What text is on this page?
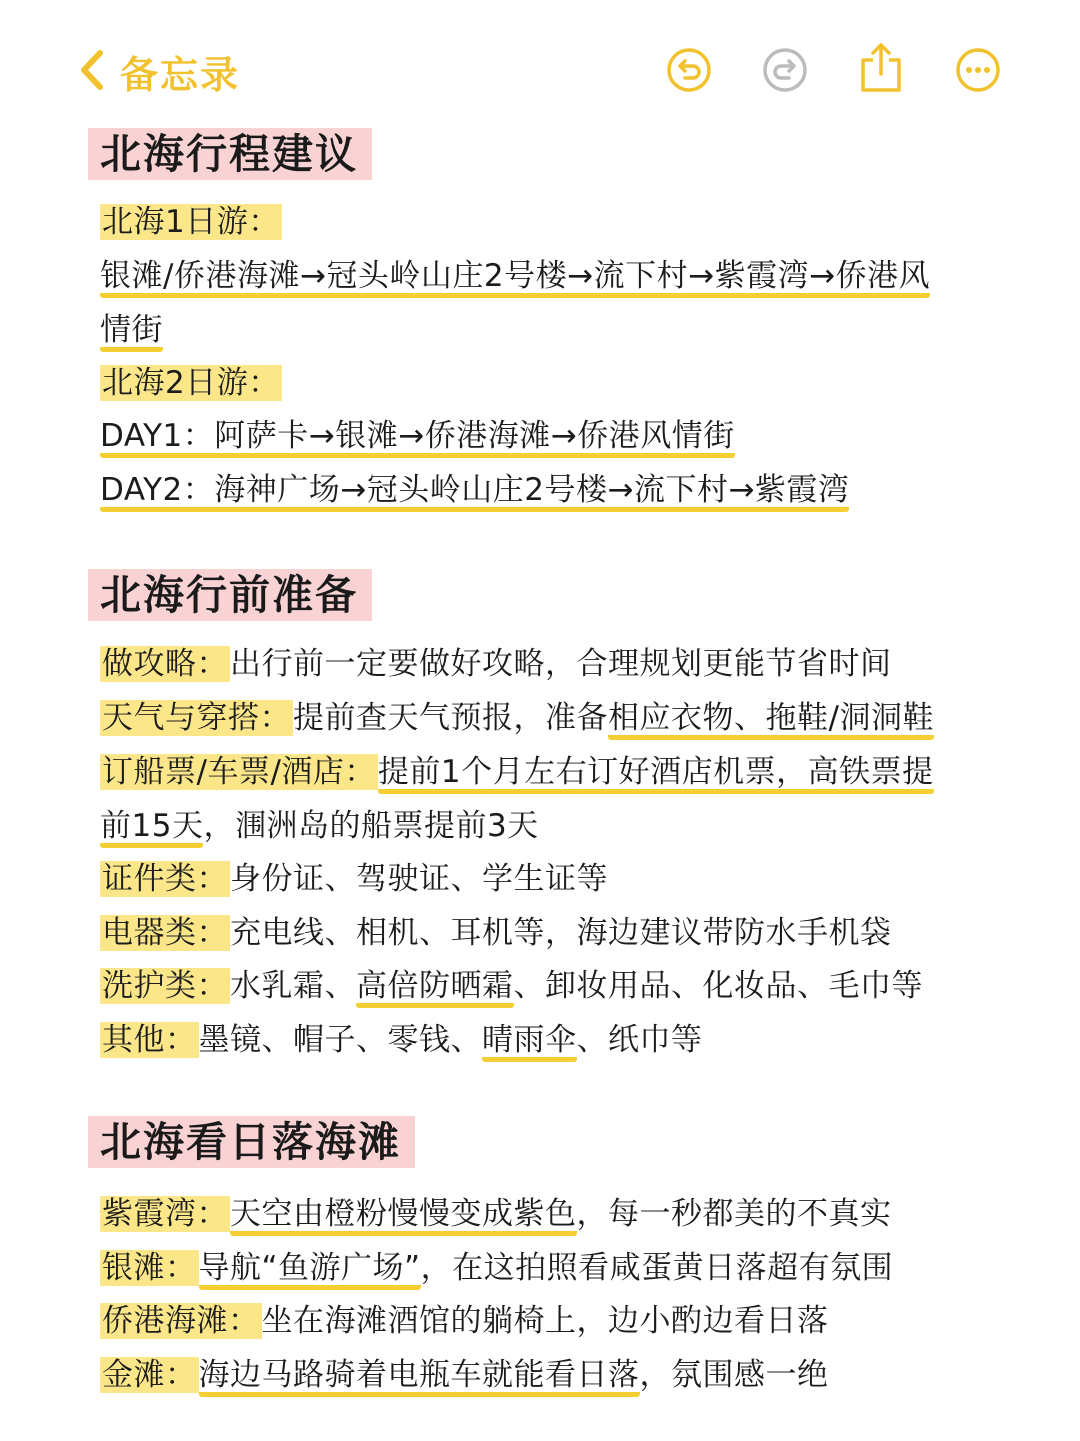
备忘录
北海行程建议
北海1日游：
银滩/侨港海滩→冠头岭山庄2号楼→流下村→紫霞湾→侨港风
情街
北海2日游：
DAY1：阿萨卡→银滩→侨港海滩→侨港风情街
DAY2：海神广场→冠头岭山庄2号楼→流下村→紫霞湾
北海行前准备
做攻略：出行前一定要做好攻略，合理规划更能节省时间
天气与穿搭：提前查天气预报，准备相应衣物、拖鞋/洞洞鞋
订船票/车票/酒店：提前1个月左右订好酒店机票，高铁票提
前15天，涠洲岛的船票提前3天
证件类：身份证、驾驶证、学生证等
电器类：充电线、相机、耳机等，海边建议带防水手机袋
洗护类：水乳霜、高倍防晒霜、卸妆用品、化妆品、毛巾等
其他：墨镜、帽子、零钱、晴雨伞、纸巾等
北海看日落海滩
紫霞湾：天空由橙粉慢慢变成紫色，每一秒都美的不真实
银滩：导航“鱼游广场”，在这拍照看咸蛋黄日落超有氛围
侨港海滩：坐在海滩酒馆的躺椅上，边小酌边看日落
金滩：海边马路骑着电瓶车就能看日落，氛围感一绝
